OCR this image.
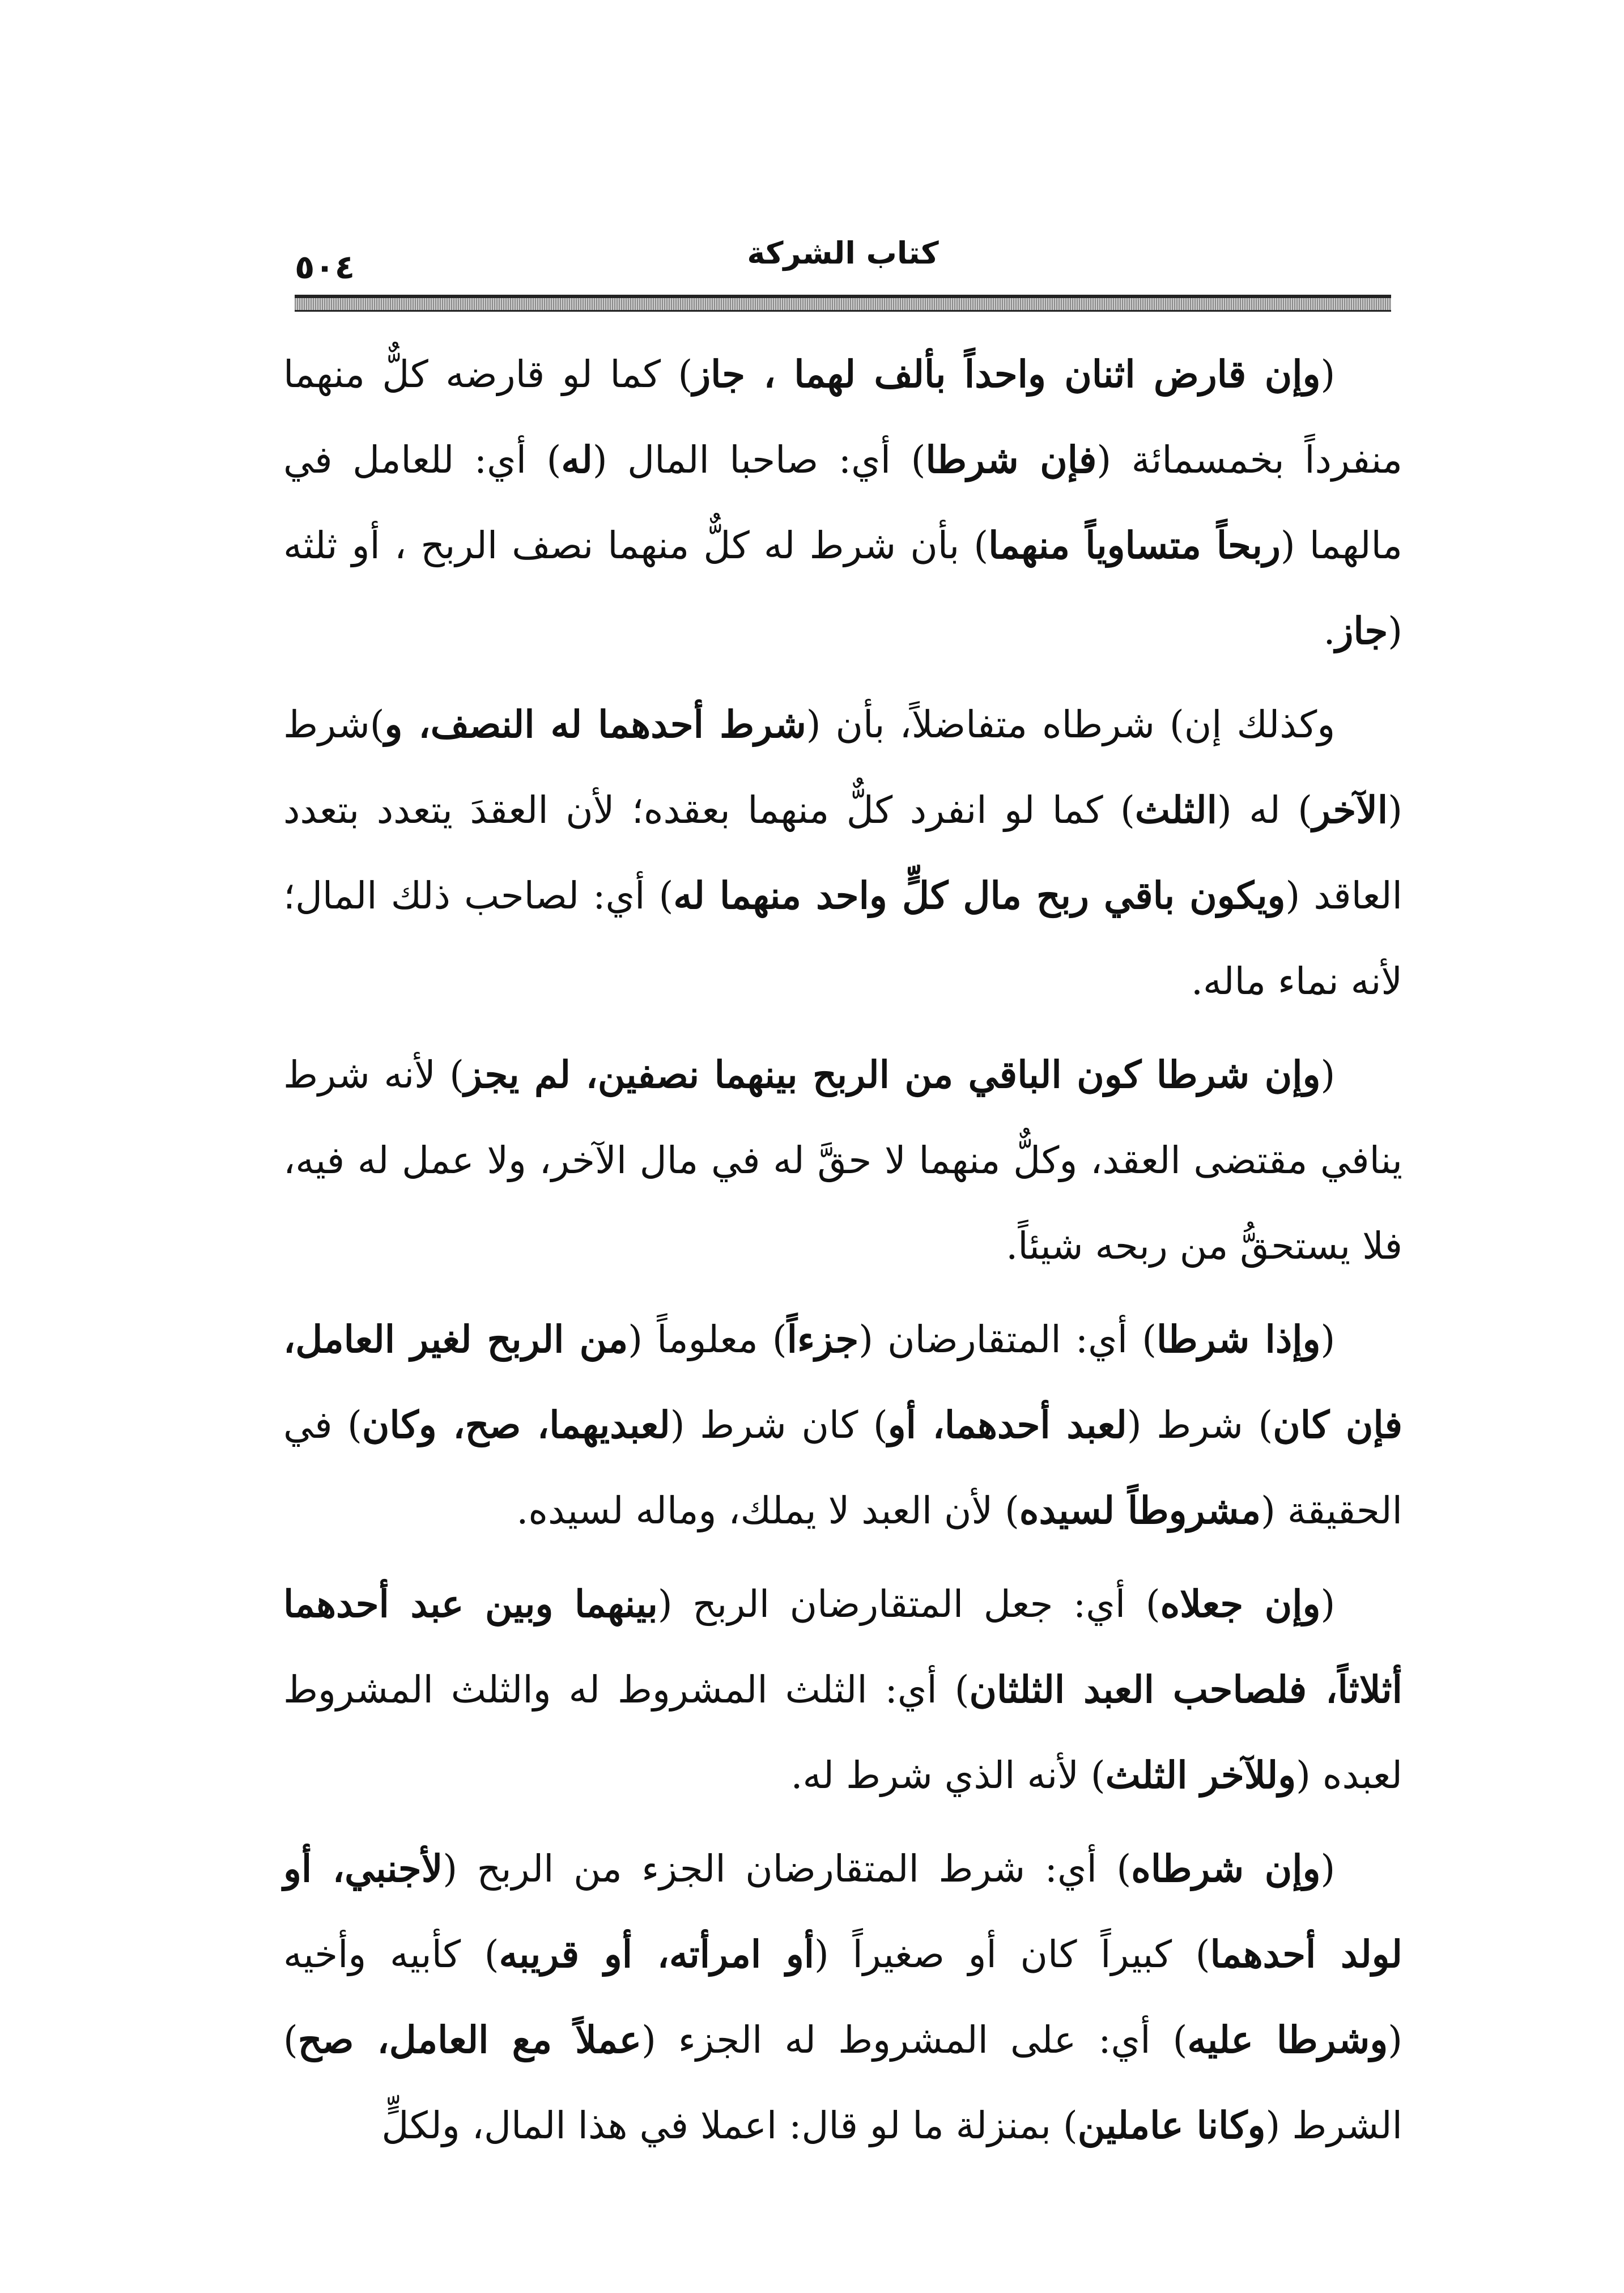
٥٠٤	كتاب الشركة

(وإن قارض اثنان واحداً بألف لهما ، جاز) كما لو قارضه كلٌّ منهما منفرداً بخمسمائة (فإن شرطا) أي: صاحبا المال (له) أي: للعامل في مالهما (ربحاً متساوياً منهما) بأن شرط له كلٌّ منهما نصف الربح ، أو ثلثه (جاز.

وكذلك إن) شرطاه متفاضلاً، بأن (شرط أحدهما له النصف، و)شرط (الآخر) له (الثلث) كما لو انفرد كلٌّ منهما بعقده؛ لأن العقدَ يتعدد بتعدد العاقد (ويكون باقي ربح مال كلٍّ واحد منهما له) أي: لصاحب ذلك المال؛ لأنه نماء ماله.

(وإن شرطا كون الباقي من الربح بينهما نصفين، لم يجز) لأنه شرط ينافي مقتضى العقد، وكلٌّ منهما لا حقَّ له في مال الآخر، ولا عمل له فيه، فلا يستحقُّ من ربحه شيئاً.

(وإذا شرطا) أي: المتقارضان (جزءاً) معلوماً (من الربح لغير العامل، فإن كان) شرط (لعبد أحدهما، أو) كان شرط (لعبديهما، صح، وكان) في الحقيقة (مشروطاً لسيده) لأن العبد لا يملك، وماله لسيده.

(وإن جعلاه) أي: جعل المتقارضان الربح (بينهما وبين عبد أحدهما أثلاثاً، فلصاحب العبد الثلثان) أي: الثلث المشروط له والثلث المشروط لعبده (وللآخر الثلث) لأنه الذي شرط له.

(وإن شرطاه) أي: شرط المتقارضان الجزء من الربح (لأجنبي، أو لولد أحدهما) كبيراً كان أو صغيراً (أو امرأته، أو قريبه) كأبيه وأخيه (وشرطا عليه) أي: على المشروط له الجزء (عملاً مع العامل، صح) الشرط (وكانا عاملين) بمنزلة ما لو قال: اعملا في هذا المال، ولكلٍّ
